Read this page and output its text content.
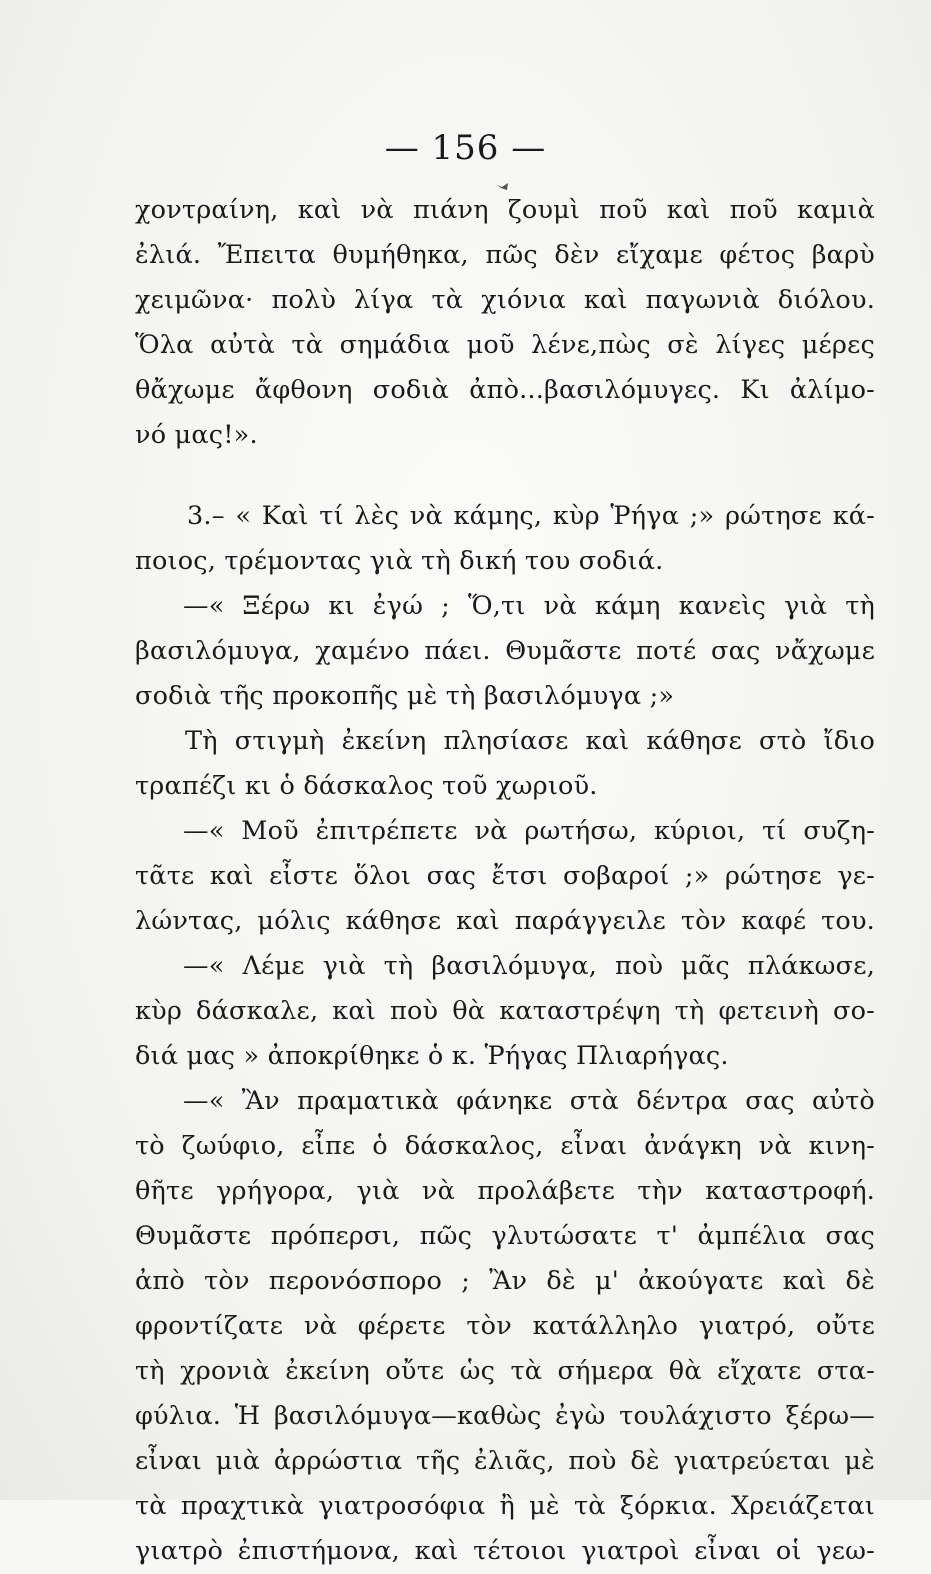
— 156 —
χοντραίνη, καὶ νὰ πιάνη ζουμὶ ποῦ καὶ ποῦ καμιὰ
ἐλιά. Ἔπειτα θυμήθηκα, πῶς δὲν εἴχαμε φέτος βαρὺ
χειμῶνα· πολὺ λίγα τὰ χιόνια καὶ παγωνιὰ διόλου.
Ὅλα αὐτὰ τὰ σημάδια μοῦ λένε,πὼς σὲ λίγες μέρες
θἄχωμε ἄφθονη σοδιὰ ἀπὸ...βασιλόμυγες. Κι ἀλίμο-
νό μας!».
3.– « Καὶ τί λὲς νὰ κάμης, κὺρ Ῥήγα ;» ρώτησε κά-
ποιος, τρέμοντας γιὰ τὴ δική του σοδιά.
—« Ξέρω κι ἐγώ ; Ὅ,τι νὰ κάμη κανεὶς γιὰ τὴ
βασιλόμυγα, χαμένο πάει. Θυμᾶστε ποτέ σας νἄχωμε
σοδιὰ τῆς προκοπῆς μὲ τὴ βασιλόμυγα ;»
Τὴ στιγμὴ ἐκείνη πλησίασε καὶ κάθησε στὸ ἴδιο
τραπέζι κι ὁ δάσκαλος τοῦ χωριοῦ.
—« Μοῦ ἐπιτρέπετε νὰ ρωτήσω, κύριοι, τί συζη-
τᾶτε καὶ εἶστε ὅλοι σας ἔτσι σοβαροί ;» ρώτησε γε-
λώντας, μόλις κάθησε καὶ παράγγειλε τὸν καφέ του.
—« Λέμε γιὰ τὴ βασιλόμυγα, ποὺ μᾶς πλάκωσε,
κὺρ δάσκαλε, καὶ ποὺ θὰ καταστρέψη τὴ φετεινὴ σο-
διά μας » ἀποκρίθηκε ὁ κ. Ῥήγας Πλιαρήγας.
—« Ἂν πραματικὰ φάνηκε στὰ δέντρα σας αὐτὸ
τὸ ζωύφιο, εἶπε ὁ δάσκαλος, εἶναι ἀνάγκη νὰ κινη-
θῆτε γρήγορα, γιὰ νὰ προλάβετε τὴν καταστροφή.
Θυμᾶστε πρόπερσι, πῶς γλυτώσατε τ' ἀμπέλια σας
ἀπὸ τὸν περονόσπορο ; Ἂν δὲ μ' ἀκούγατε καὶ δὲ
φροντίζατε νὰ φέρετε τὸν κατάλληλο γιατρό, οὔτε
τὴ χρονιὰ ἐκείνη οὔτε ὡς τὰ σήμερα θὰ εἴχατε στα-
φύλια. Ἡ βασιλόμυγα—καθὼς ἐγὼ τουλάχιστο ξέρω—
εἶναι μιὰ ἀρρώστια τῆς ἐλιᾶς, ποὺ δὲ γιατρεύεται μὲ
τὰ πραχτικὰ γιατροσόφια ἢ μὲ τὰ ξόρκια. Χρειάζεται
γιατρὸ ἐπιστήμονα, καὶ τέτοιοι γιατροὶ εἶναι οἱ γεω-
